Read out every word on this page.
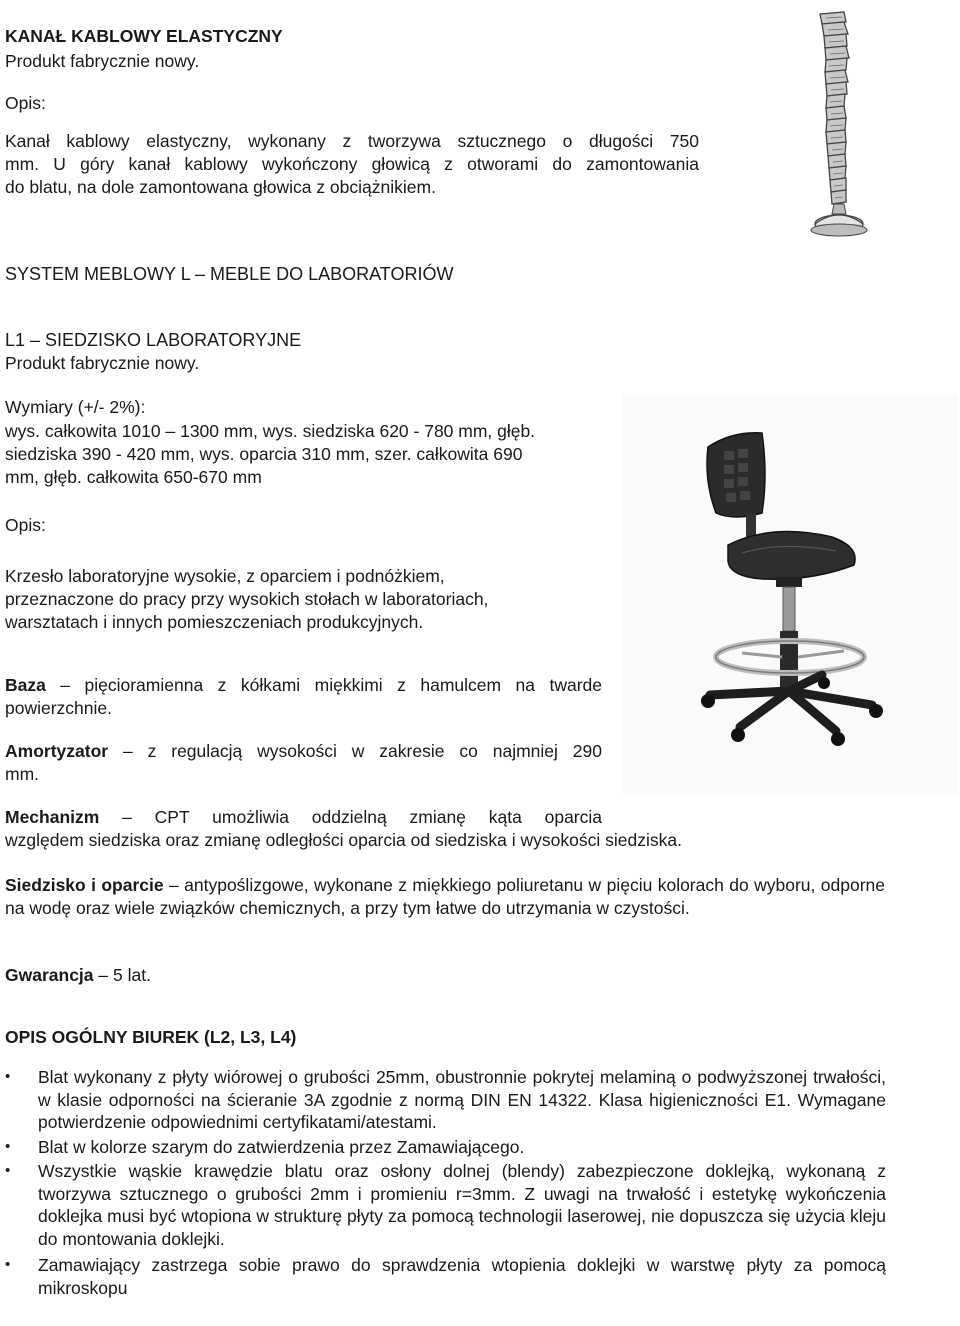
KANAŁ KABLOWY ELASTYCZNY
Produkt fabrycznie nowy.
Opis:
Kanał kablowy elastyczny, wykonany z tworzywa sztucznego o długości 750
mm. U góry kanał kablowy wykończony głowicą z otworami do zamontowania
do blatu, na dole zamontowana głowica z obciążnikiem.
SYSTEM MEBLOWY L – MEBLE DO LABORATORIÓW
L1 – SIEDZISKO LABORATORYJNE
Produkt fabrycznie nowy.
Wymiary (+/- 2%):
wys. całkowita 1010 – 1300 mm, wys. siedziska 620 - 780 mm, głęb.
siedziska 390 - 420 mm, wys. oparcia 310 mm, szer. całkowita 690
mm, głęb. całkowita 650-670 mm
Opis:
Krzesło laboratoryjne wysokie, z oparciem i podnóżkiem,
przeznaczone do pracy przy wysokich stołach w laboratoriach,
warsztatach i innych pomieszczeniach produkcyjnych.
Baza – pięcioramienna z kółkami miękkimi z hamulcem na twarde
powierzchnie.
Amortyzator – z regulacją wysokości w zakresie co najmniej 290
mm.
Mechanizm – CPT umożliwia oddzielną zmianę kąta oparcia
względem siedziska oraz zmianę odległości oparcia od siedziska i wysokości siedziska.
Siedzisko i oparcie – antypoślizgowe, wykonane z miękkiego poliuretanu w pięciu kolorach do wyboru, odporne na wodę oraz wiele związków chemicznych, a przy tym łatwe do utrzymania w czystości.
Gwarancja – 5 lat.
OPIS OGÓLNY BIUREK (L2, L3, L4)
• Blat wykonany z płyty wiórowej o grubości 25mm, obustronnie pokrytej melaminą o podwyższonej trwałości, w klasie odporności na ścieranie 3A zgodnie z normą DIN EN 14322. Klasa higieniczności E1. Wymagane potwierdzenie odpowiednimi certyfikatami/atestami.
• Blat w kolorze szarym do zatwierdzenia przez Zamawiającego.
• Wszystkie wąskie krawędzie blatu oraz osłony dolnej (blendy) zabezpieczone doklejką, wykonaną z tworzywa sztucznego o grubości 2mm i promieniu r=3mm. Z uwagi na trwałość i estetykę wykończenia doklejka musi być wtopiona w strukturę płyty za pomocą technologii laserowej, nie dopuszcza się użycia kleju do montowania doklejki.
• Zamawiający zastrzega sobie prawo do sprawdzenia wtopienia doklejki w warstwę płyty za pomocą mikroskopu
